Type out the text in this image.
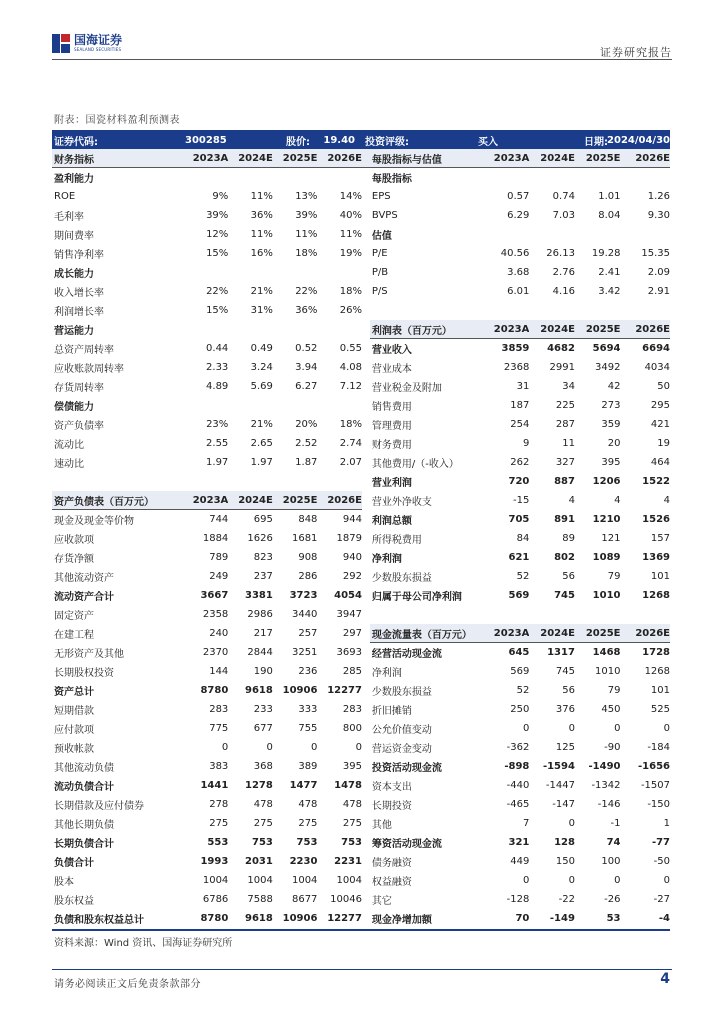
国海证券
SEALAND SECURITIES	证券研究报告
附表：国瓷材料盈利预测表
证券代码:	300285	股价:	19.40 投资评级:	买入	日期: 2024/04/30
财务指标	2023A 2024E 2025E 2026E 每股指标与估值	2023A	2024E	2025E	2026E
盈利能力	每股指标
ROE	9%	11%	13%	14% EPS	0.57	0.74	1.01	1.26
毛利率	39%	36%	39%	40% BVPS	6.29	7.03	8.04	9.30
期间费率	12%	11%	11%	11% 估值
销售净利率	15%	16%	18%	19% P/E	40.56	26.13	19.28	15.35
成长能力	P/B	3.68	2.76	2.41	2.09
收入增长率	22%	21%	22%	18% P/S	6.01	4.16	3.42	2.91
利润增长率	15%	31%	36%	26%
营运能力	利润表（百万元）	2023A	2024E	2025E	2026E
总资产周转率	0.44	0.49	0.52	0.55 营业收入	3859	4682	5694	6694
应收账款周转率	2.33	3.24	3.94	4.08 营业成本	2368	2991	3492	4034
存货周转率	4.89	5.69	6.27	7.12 营业税金及附加	31	34	42	50
偿债能力	销售费用	187	225	273	295
资产负债率	23%	21%	20%	18% 管理费用	254	287	359	421
流动比	2.55	2.65	2.52	2.74 财务费用	9	11	20	19
速动比	1.97	1.97	1.87	2.07 其他费用/（-收入）	262	327	395	464
营业利润	720	887	1206	1522
资产负债表（百万元）	2023A 2024E 2025E 2026E 营业外净收支	-15	4	4	4
现金及现金等价物	744	695	848	944 利润总额	705	891	1210	1526
应收款项	1884	1626	1681	1879 所得税费用	84	89	121	157
存货净额	789	823	908	940 净利润	621	802	1089	1369
其他流动资产	249	237	286	292 少数股东损益	52	56	79	101
流动资产合计	3667	3381	3723	4054 归属于母公司净利润	569	745	1010	1268
固定资产	2358	2986	3440	3947
在建工程	240	217	257	297 现金流量表（百万元）	2023A	2024E	2025E	2026E
无形资产及其他	2370	2844	3251	3693 经营活动现金流	645	1317	1468	1728
长期股权投资	144	190	236	285 净利润	569	745	1010	1268
资产总计	8780	9618 10906 12277 少数股东损益	52	56	79	101
短期借款	283	233	333	283 折旧摊销	250	376	450	525
应付款项	775	677	755	800 公允价值变动	0	0	0	0
预收帐款	0	0	0	0 营运资金变动	-362	125	-90	-184
其他流动负债	383	368	389	395 投资活动现金流	-898	-1594	-1490	-1656
流动负债合计	1441	1278	1477	1478 资本支出	-440	-1447	-1342	-1507
长期借款及应付债券	278	478	478	478 长期投资	-465	-147	-146	-150
其他长期负债	275	275	275	275 其他	7	0	-1	1
长期负债合计	553	753	753	753 筹资活动现金流	321	128	74	-77
负债合计	1993	2031	2230	2231 债务融资	449	150	100	-50
股本	1004	1004	1004	1004 权益融资	0	0	0	0
股东权益	6786	7588	8677	10046 其它	-128	-22	-26	-27
负债和股东权益总计	8780	9618 10906 12277 现金净增加额	70	-149	53	-4
资料来源：Wind 资讯、国海证券研究所
请务必阅读正文后免责条款部分	4
